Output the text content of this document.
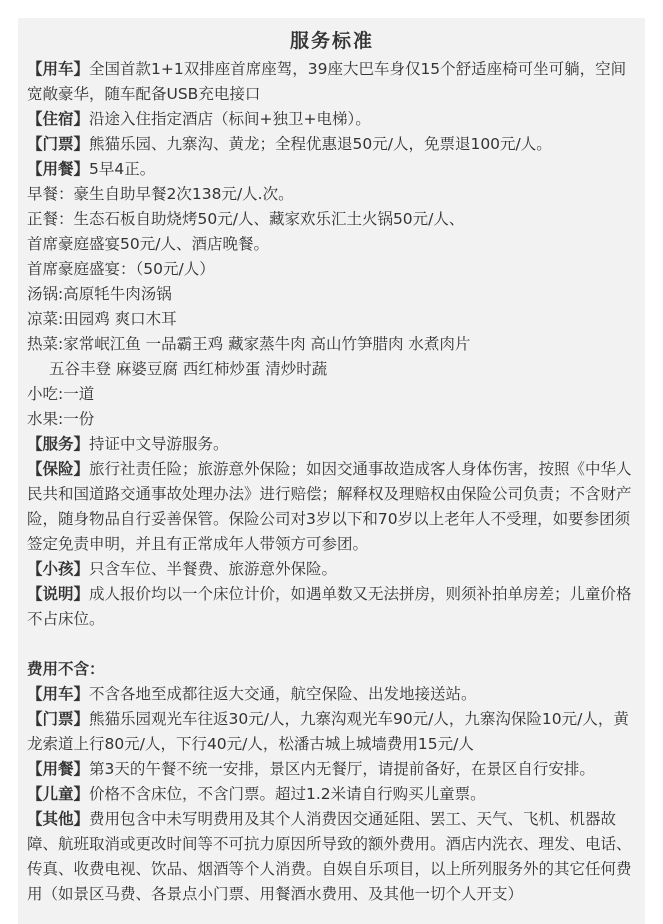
服务标准
【用车】全国首款1+1双排座首席座驾，39座大巴车身仅15个舒适座椅可坐可躺，空间宽敞豪华，随车配备USB充电接口
【住宿】沿途入住指定酒店（标间+独卫+电梯）。
【门票】熊猫乐园、九寨沟、黄龙；全程优惠退50元/人，免票退100元/人。
【用餐】5早4正。
早餐：豪生自助早餐2次138元/人.次。
正餐：生态石板自助烧烤50元/人、藏家欢乐汇土火锅50元/人、
首席豪庭盛宴50元/人、酒店晚餐。
首席豪庭盛宴：（50元/人）
汤锅:高原牦牛肉汤锅
凉菜:田园鸡 爽口木耳
热菜:家常岷江鱼 一品霸王鸡 藏家蒸牛肉 高山竹笋腊肉 水煮肉片
五谷丰登 麻婆豆腐 西红柿炒蛋 清炒时蔬
小吃:一道
水果:一份
【服务】持证中文导游服务。
【保险】旅行社责任险；旅游意外保险；如因交通事故造成客人身体伤害，按照《中华人民共和国道路交通事故处理办法》进行赔偿；解释权及理赔权由保险公司负责；不含财产险，随身物品自行妥善保管。保险公司对3岁以下和70岁以上老年人不受理，如要参团须签定免责申明，并且有正常成年人带领方可参团。
【小孩】只含车位、半餐费、旅游意外保险。
【说明】成人报价均以一个床位计价，如遇单数又无法拼房，则须补拍单房差；儿童价格不占床位。
费用不含：
【用车】不含各地至成都往返大交通，航空保险、出发地接送站。
【门票】熊猫乐园观光车往返30元/人，九寨沟观光车90元/人，九寨沟保险10元/人，黄龙索道上行80元/人，下行40元/人，松潘古城上城墙费用15元/人
【用餐】第3天的午餐不统一安排，景区内无餐厅，请提前备好，在景区自行安排。
【儿童】价格不含床位，不含门票。超过1.2米请自行购买儿童票。
【其他】费用包含中未写明费用及其个人消费因交通延阻、罢工、天气、飞机、机器故障、航班取消或更改时间等不可抗力原因所导致的额外费用。酒店内洗衣、理发、电话、传真、收费电视、饮品、烟酒等个人消费。自娱自乐项目，以上所列服务外的其它任何费用（如景区马费、各景点小门票、用餐酒水费用、及其他一切个人开支）
